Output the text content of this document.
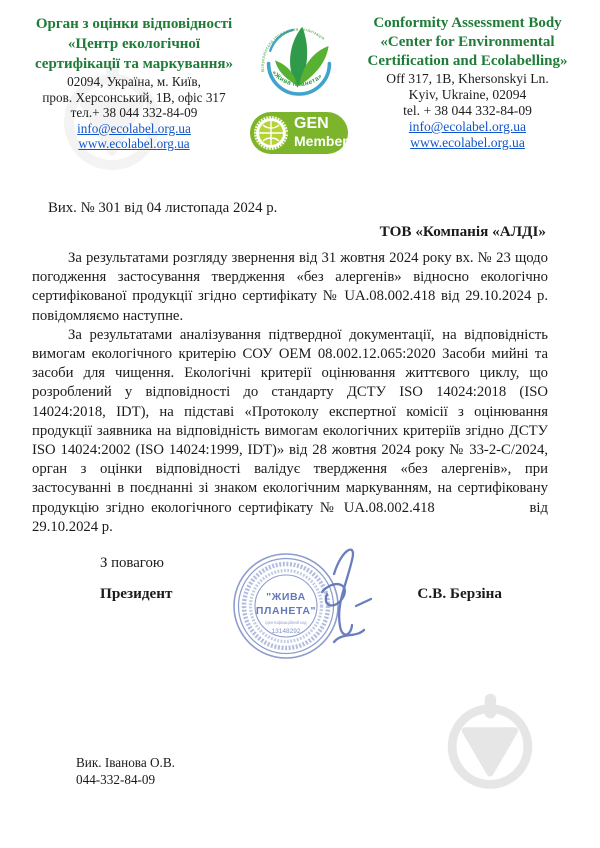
Орган з оцінки відповідності
«Центр екологічної
сертифікації та маркування»
02094, Україна, м. Київ,
пров. Херсонський, 1В, офіс 317
тел.+ 38 044 332-84-09
info@ecolabel.org.ua
www.ecolabel.org.ua
Всеукраїнська громадська організація
«Жива планета»
GEN
Member
Conformity Assessment Body
«Center for Environmental
Certification and Ecolabelling»
Off 317, 1B, Khersonskyi Ln.
Kyiv, Ukraine, 02094
tel. + 38 044 332-84-09
info@ecolabel.org.ua
www.ecolabel.org.ua
Вих. № 301 від 04 листопада 2024 р.
ТОВ «Компанія «АЛДІ»

За результатами розгляду звернення від 31 жовтня 2024 року вх. № 23 щодо погодження застосування твердження «без алергенів» відносно екологічно сертифікованої продукції згідно сертифікату № UA.08.002.418 від 29.10.2024 р. повідомляємо наступне.

За результатами аналізування підтвердної документації, на відповідність вимогам екологічного критерію СОУ ОЕМ 08.002.12.065:2020 Засоби мийні та засоби для чищення. Екологічні критерії оцінювання життєвого циклу, що розроблений у відповідності до стандарту ДСТУ ISO 14024:2018 (ISO 14024:2018, IDT), на підставі «Протоколу експертної комісії з оцінювання продукції заявника на відповідність вимогам екологічних критеріїв згідно ДСТУ ISO 14024:2002 (ISO 14024:1999, IDT)» від 28 жовтня 2024 року № 33-2-С/2024, орган з оцінки відповідності валідує твердження «без алергенів», при застосуванні в поєднанні зі знаком екологічним маркуванням, на сертифіковану продукцію згідно екологічного сертифікату № UA.08.002.418              від 29.10.2024 р.

З повагою
Президент	С.В. Берзіна
"ЖИВА
ПЛАНЕТА"
ідентифікаційний код
13148292
Вик. Іванова О.В.
044-332-84-09
